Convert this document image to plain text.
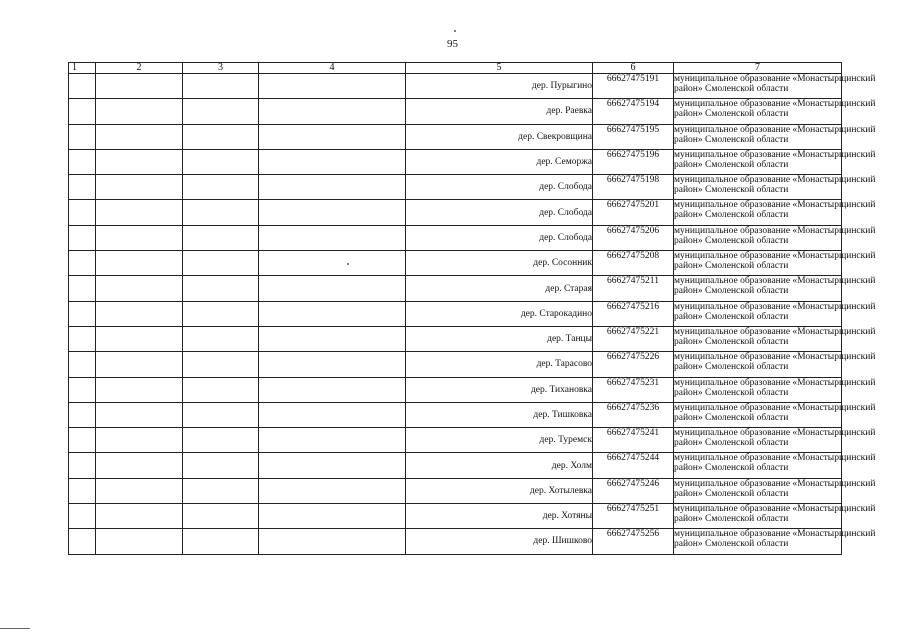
95
1	2	3	4	5	6	7
				дер. Пурыгино	66627475191	муниципальное образование «Монастырщинский
район» Смоленской области

				дер. Раевка	66627475194	муниципальное образование «Монастырщинский
район» Смоленской области

				дер. Свекровщина	66627475195	муниципальное образование «Монастырщинский
район» Смоленской области

				дер. Семоржа	66627475196	муниципальное образование «Монастырщинский
район» Смоленской области

				дер. Слобода	66627475198	муниципальное образование «Монастырщинский
район» Смоленской области

				дер. Слобода	66627475201	муниципальное образование «Монастырщинский
район» Смоленской области

				дер. Слобода	66627475206	муниципальное образование «Монастырщинский
район» Смоленской области

				дер. Сосонник	66627475208	муниципальное образование «Монастырщинский
район» Смоленской области

				дер. Старая	66627475211	муниципальное образование «Монастырщинский
район» Смоленской области

				дер. Старокадино	66627475216	муниципальное образование «Монастырщинский
район» Смоленской области

				дер. Танцы	66627475221	муниципальное образование «Монастырщинский
район» Смоленской области

				дер. Тарасово	66627475226	муниципальное образование «Монастырщинский
район» Смоленской области

				дер. Тихановка	66627475231	муниципальное образование «Монастырщинский
район» Смоленской области

				дер. Тишковка	66627475236	муниципальное образование «Монастырщинский
район» Смоленской области

				дер. Туремск	66627475241	муниципальное образование «Монастырщинский
район» Смоленской области

				дер. Холм	66627475244	муниципальное образование «Монастырщинский
район» Смоленской области

				дер. Хотылевка	66627475246	муниципальное образование «Монастырщинский
район» Смоленской области

				дер. Хотяны	66627475251	муниципальное образование «Монастырщинский
район» Смоленской области

				дер. Шишково	66627475256	муниципальное образование «Монастырщинский
район» Смоленской области
